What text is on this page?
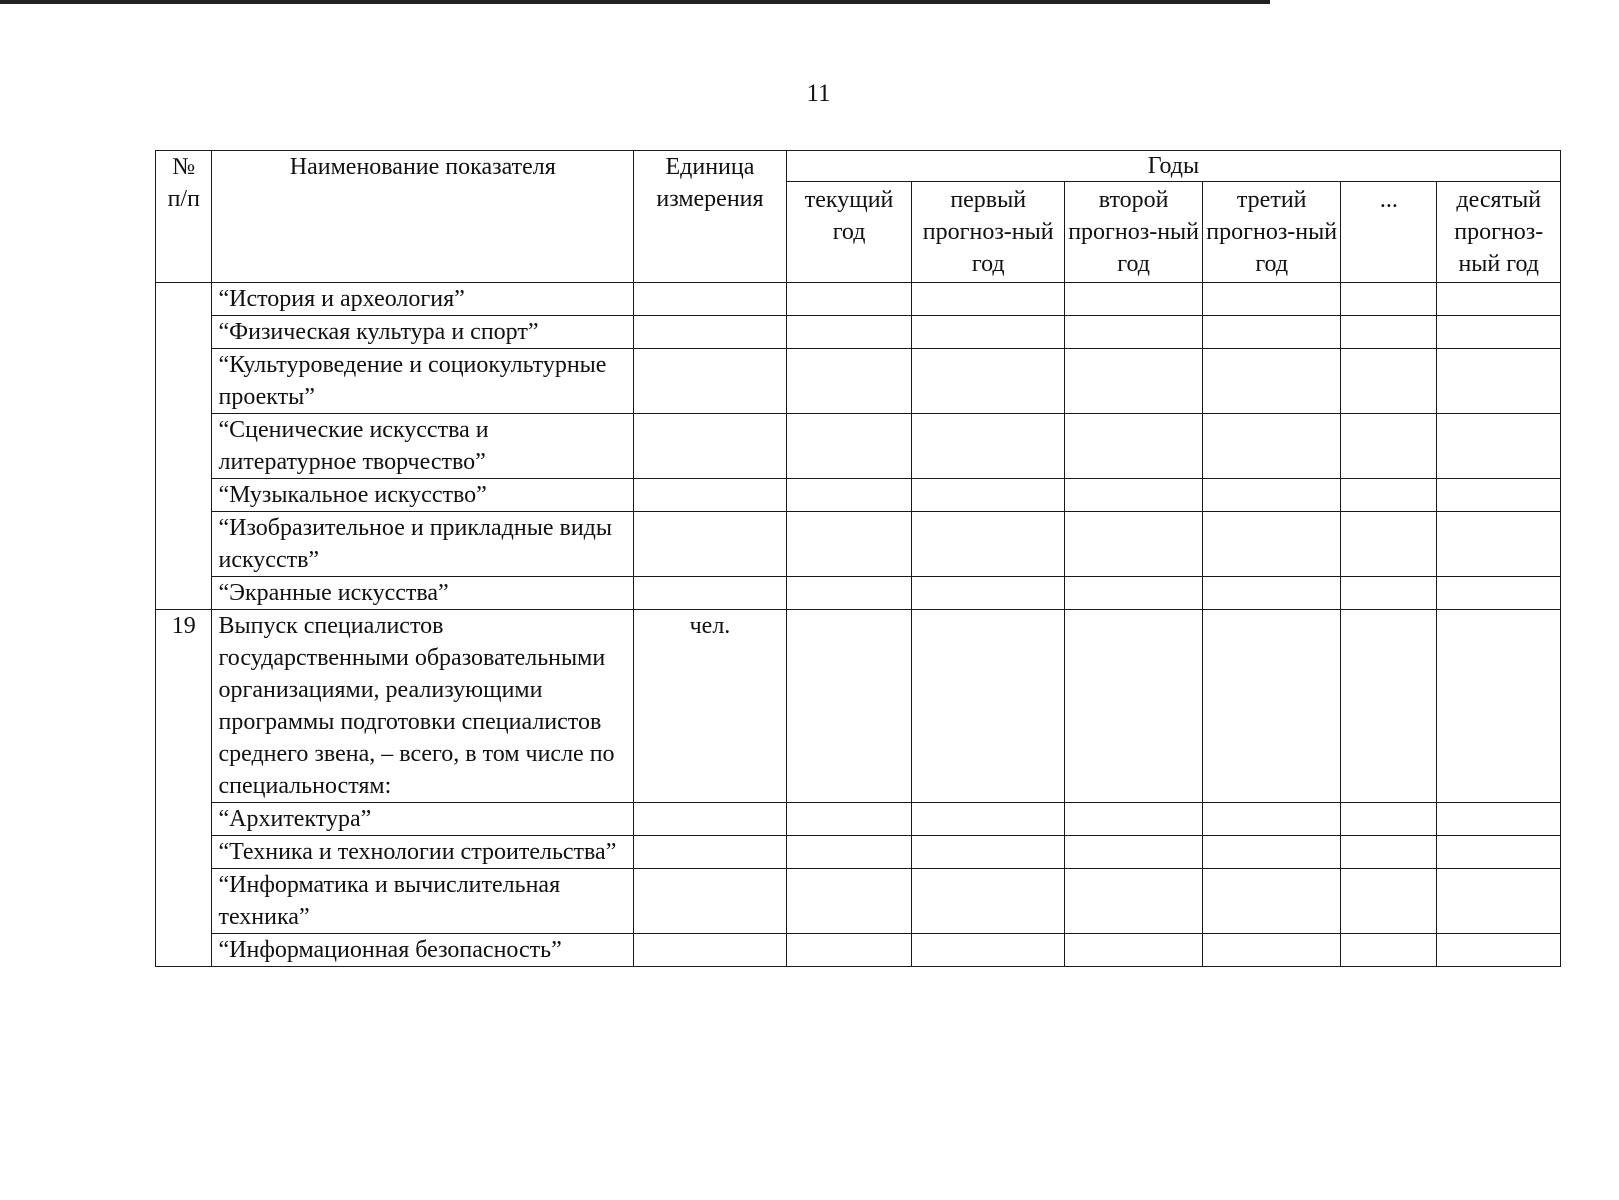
11
№ п/п	Наименование показателя	Единица измерения	Годы					
			текущий год	первый прогноз-ный год	второй прогноз-ный год	третий прогноз-ный год	...	десятый прогноз-ный год
	“История и археология”							
	“Физическая культура и спорт”							
	“Культуроведение и социокультурные проекты”							
	“Сценические искусства и литературное творчество”							
	“Музыкальное искусство”							
	“Изобразительное и прикладные виды искусств”							
	“Экранные искусства”							
19	Выпуск специалистов государственными образовательными организациями, реализующими программы подготовки специалистов среднего звена, – всего, в том числе по специальностям:	чел.						
	“Архитектура”							
	“Техника и технологии строительства”							
	“Информатика и вычислительная техника”							
	“Информационная безопасность”							
